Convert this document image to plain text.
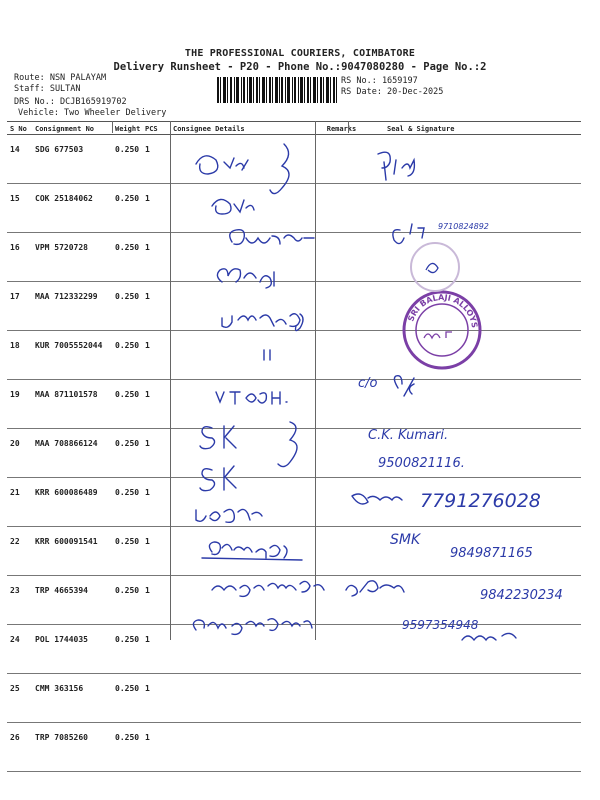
THE PROFESSIONAL COURIERS, COIMBATORE
Delivery Runsheet - P20 - Phone No.:9047080280 - Page No.:2
Route: NSN PALAYAM
Staff: SULTAN
DRS No.: DCJB165919702
Vehicle: Two Wheeler Delivery
RS No.: 1659197
RS Date: 20-Dec-2025
S No	Consignment No	Weight	PCS	Consignee Details	Remarks	Seal & Signature
14	SDG 677503	0.250	1			
15	COK 25184062	0.250	1			
16	VPM 5720728	0.250	1			
17	MAA 712332299	0.250	1			
18	KUR 7005552044	0.250	1			
19	MAA 871101578	0.250	1			
20	MAA 708866124	0.250	1			
21	KRR 600086489	0.250	1			
22	KRR 600091541	0.250	1			
23	TRP 4665394	0.250	1			
24	POL 1744035	0.250	1			
25	CMM 363156	0.250	1			
26	TRP 7085260	0.250	1			
c/o
C.K. Kumari.
9500821116.
7791276028
SMK
9849871165
9842230234
9597354948
9710824892
SRI BALAJI ALLOYS
